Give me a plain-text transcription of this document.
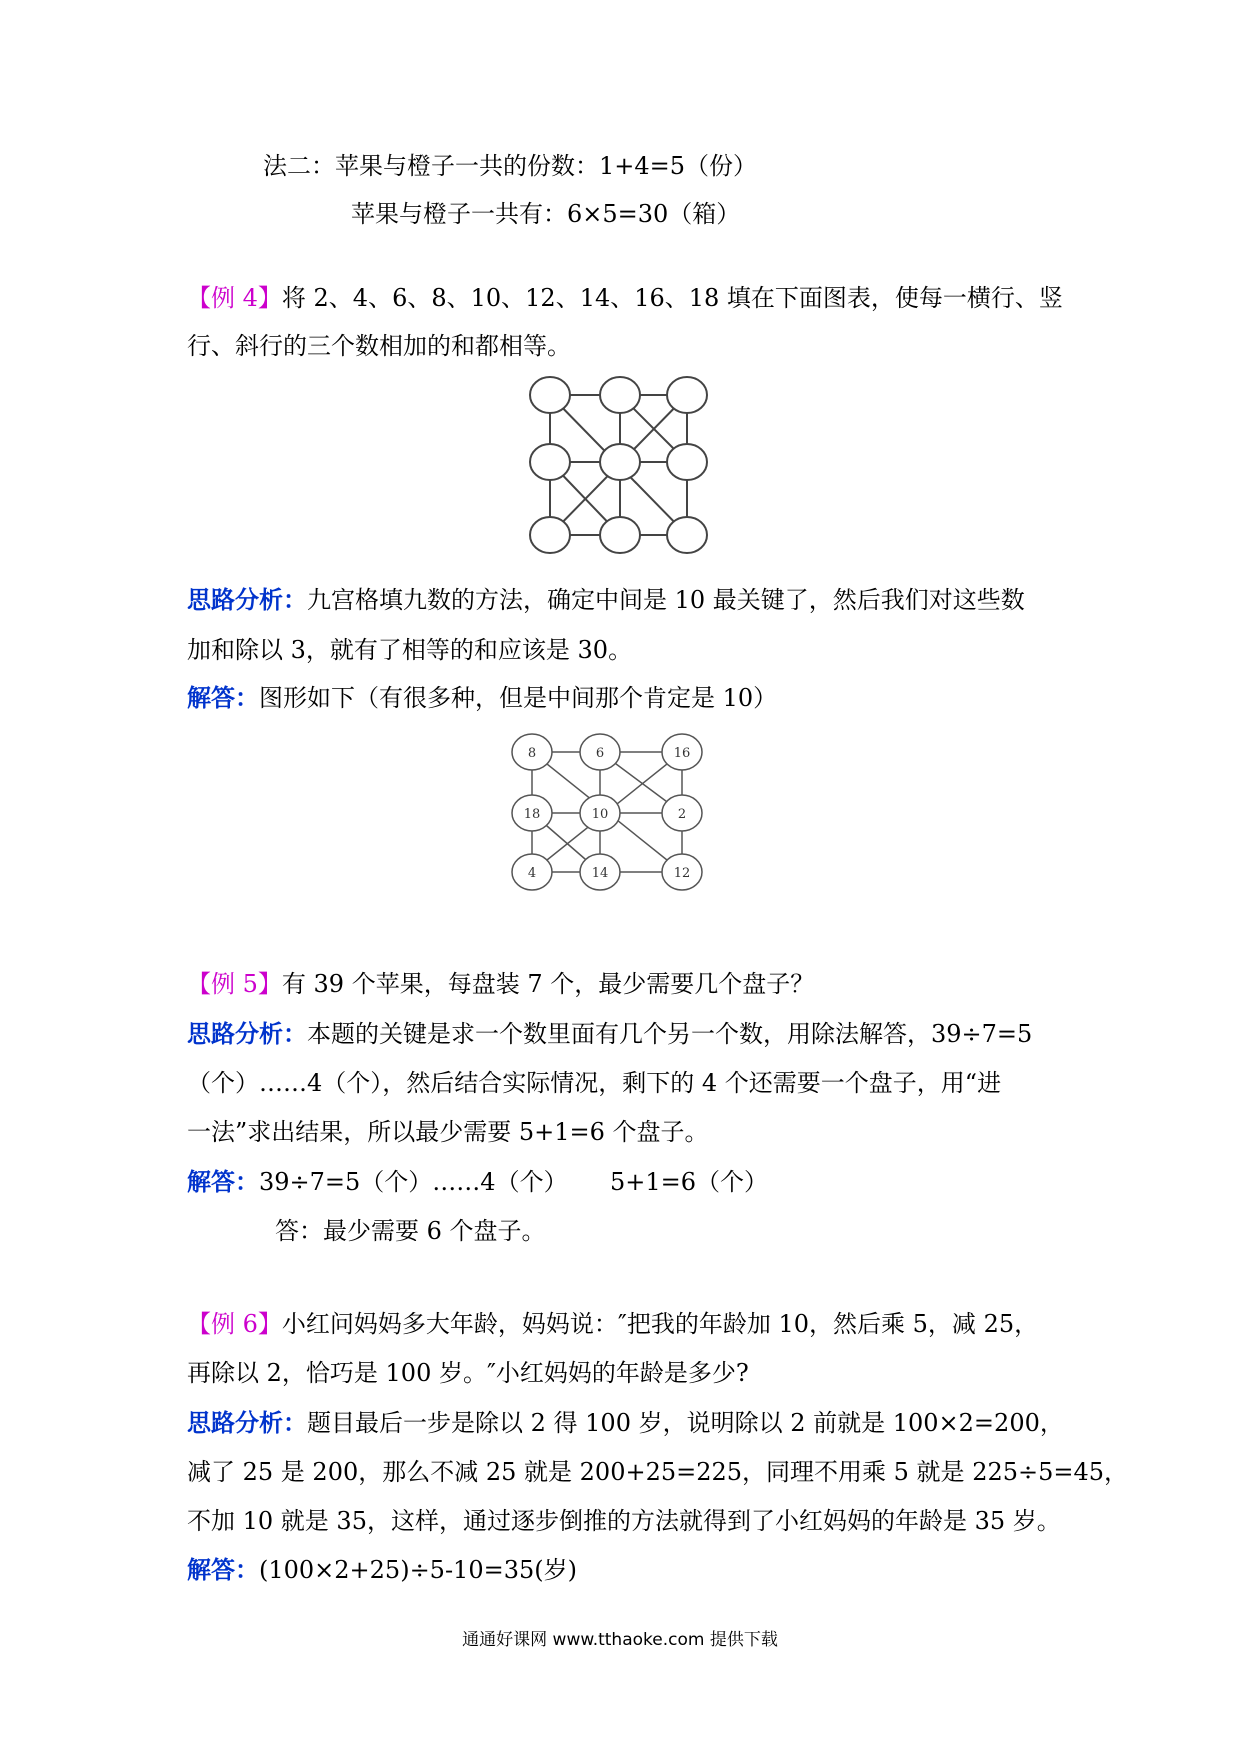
法二：苹果与橙子一共的份数：1+4=5（份）
苹果与橙子一共有：6×5=30（箱）
【例 4】将 2、4、6、8、10、12、14、16、18 填在下面图表，使每一横行、竖
行、斜行的三个数相加的和都相等。
思路分析：九宫格填九数的方法，确定中间是 10 最关键了，然后我们对这些数
加和除以 3，就有了相等的和应该是 30。
解答：图形如下（有很多种，但是中间那个肯定是 10）
8	6	16
18	10	2
4	14	12
【例 5】有 39 个苹果，每盘装 7 个，最少需要几个盘子？
思路分析：本题的关键是求一个数里面有几个另一个数，用除法解答，39÷7=5
（个）……4（个），然后结合实际情况，剩下的 4 个还需要一个盘子，用“进
一法”求出结果，所以最少需要 5+1=6 个盘子。
解答：39÷7=5（个）……4（个） 5+1=6（个）
答：最少需要 6 个盘子。
【例 6】小红问妈妈多大年龄，妈妈说：″把我的年龄加 10，然后乘 5，减 25，
再除以 2，恰巧是 100 岁。″小红妈妈的年龄是多少?
思路分析：题目最后一步是除以 2 得 100 岁，说明除以 2 前就是 100×2=200，
减了 25 是 200，那么不减 25 就是 200+25=225，同理不用乘 5 就是 225÷5=45，
不加 10 就是 35，这样，通过逐步倒推的方法就得到了小红妈妈的年龄是 35 岁。
解答：(100×2+25)÷5-10=35(岁)
通通好课网 www.tthaoke.com 提供下载
